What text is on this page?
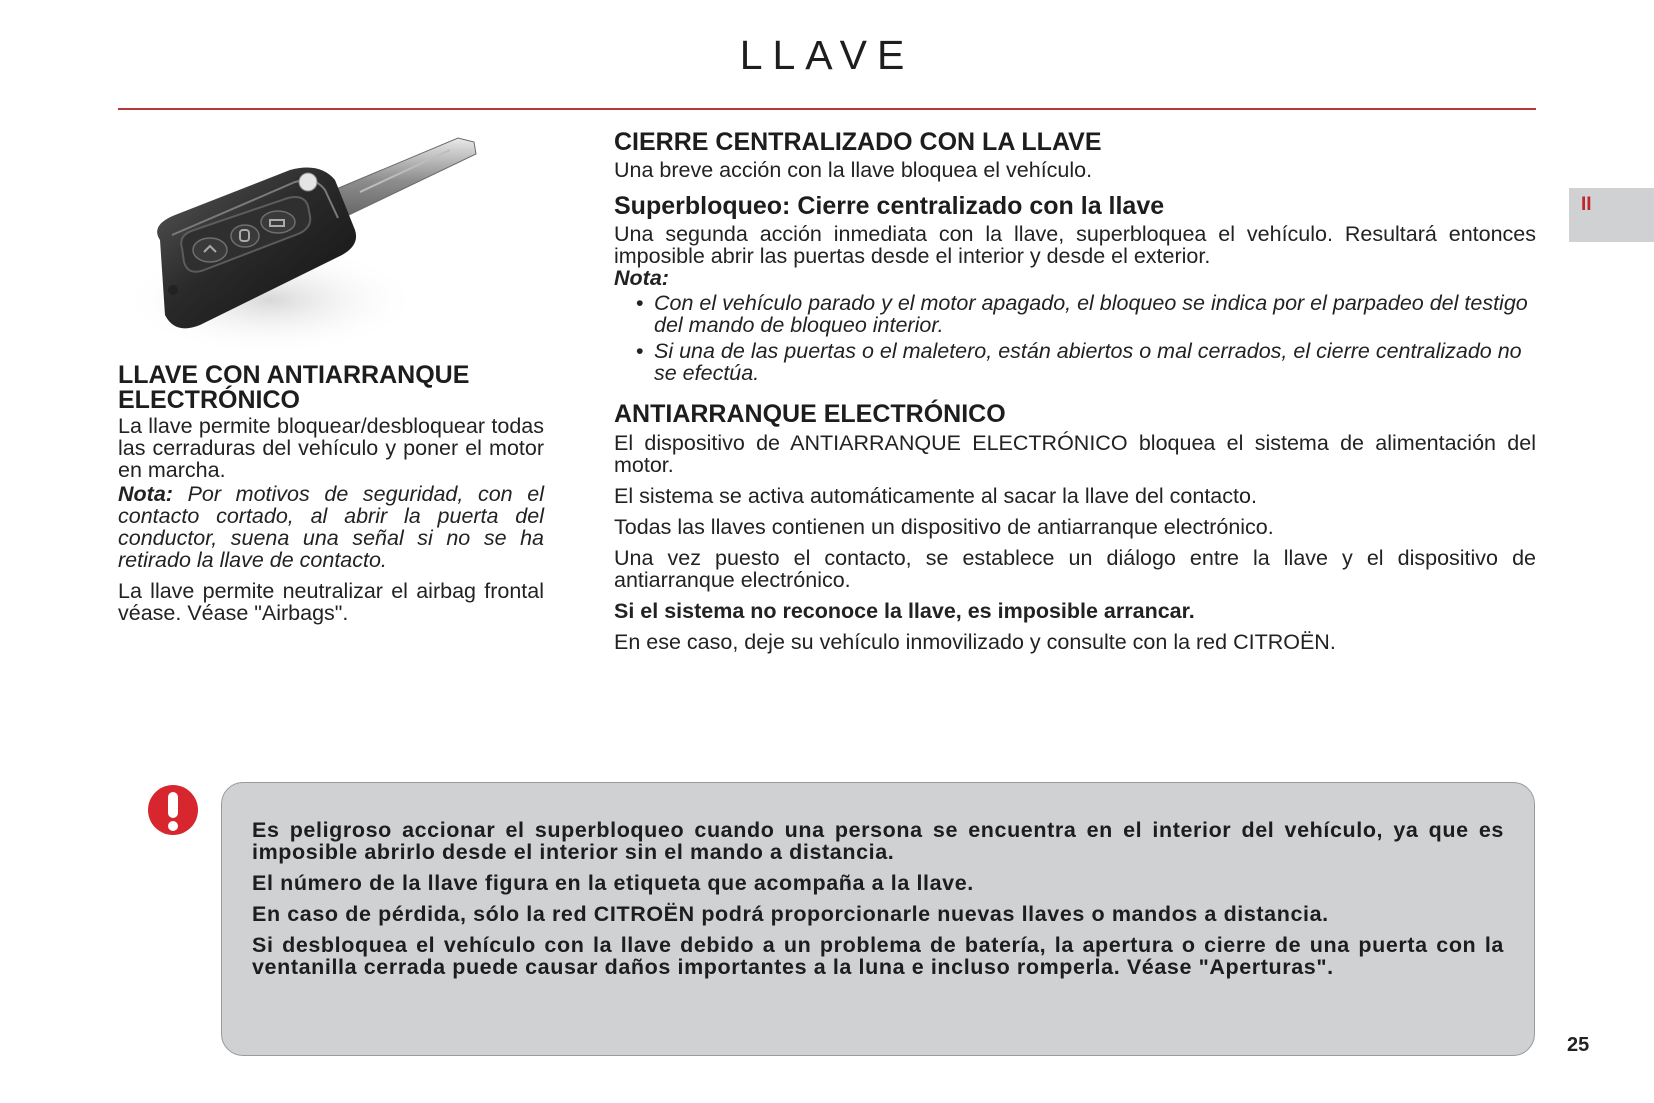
LLAVE
II
LLAVE CON ANTIARRANQUE
ELECTRÓNICO

La llave permite bloquear/desbloquear todas las cerraduras del vehículo y poner el motor en marcha.

Nota: Por motivos de seguridad, con el contacto cortado, al abrir la puerta del conductor, suena una señal si no se ha retirado la llave de contacto.

La llave permite neutralizar el airbag frontal véase. Véase "Airbags".

CIERRE CENTRALIZADO CON LA LLAVE

Una breve acción con la llave bloquea el vehículo.

Superbloqueo: Cierre centralizado con la llave

Una segunda acción inmediata con la llave, superbloquea el vehículo. Resultará entonces imposible abrir las puertas desde el interior y desde el exterior.

Nota:

• Con el vehículo parado y el motor apagado, el bloqueo se indica por el parpadeo del testigo del mando de bloqueo interior.
• Si una de las puertas o el maletero, están abiertos o mal cerrados, el cierre centralizado no se efectúa.
ANTIARRANQUE ELECTRÓNICO

El dispositivo de ANTIARRANQUE ELECTRÓNICO bloquea el sistema de alimentación del motor.

El sistema se activa automáticamente al sacar la llave del contacto.

Todas las llaves contienen un dispositivo de antiarranque electrónico.

Una vez puesto el contacto, se establece un diálogo entre la llave y el dispositivo de antiarranque electrónico.

Si el sistema no reconoce la llave, es imposible arrancar.

En ese caso, deje su vehículo inmovilizado y consulte con la red CITROËN.

Es peligroso accionar el superbloqueo cuando una persona se encuentra en el interior del vehículo, ya que es imposible abrirlo desde el interior sin el mando a distancia.

El número de la llave figura en la etiqueta que acompaña a la llave.

En caso de pérdida, sólo la red CITROËN podrá proporcionarle nuevas llaves o mandos a distancia.

Si desbloquea el vehículo con la llave debido a un problema de batería, la apertura o cierre de una puerta con la ventanilla cerrada puede causar daños importantes a la luna e incluso romperla. Véase "Aperturas".

25
